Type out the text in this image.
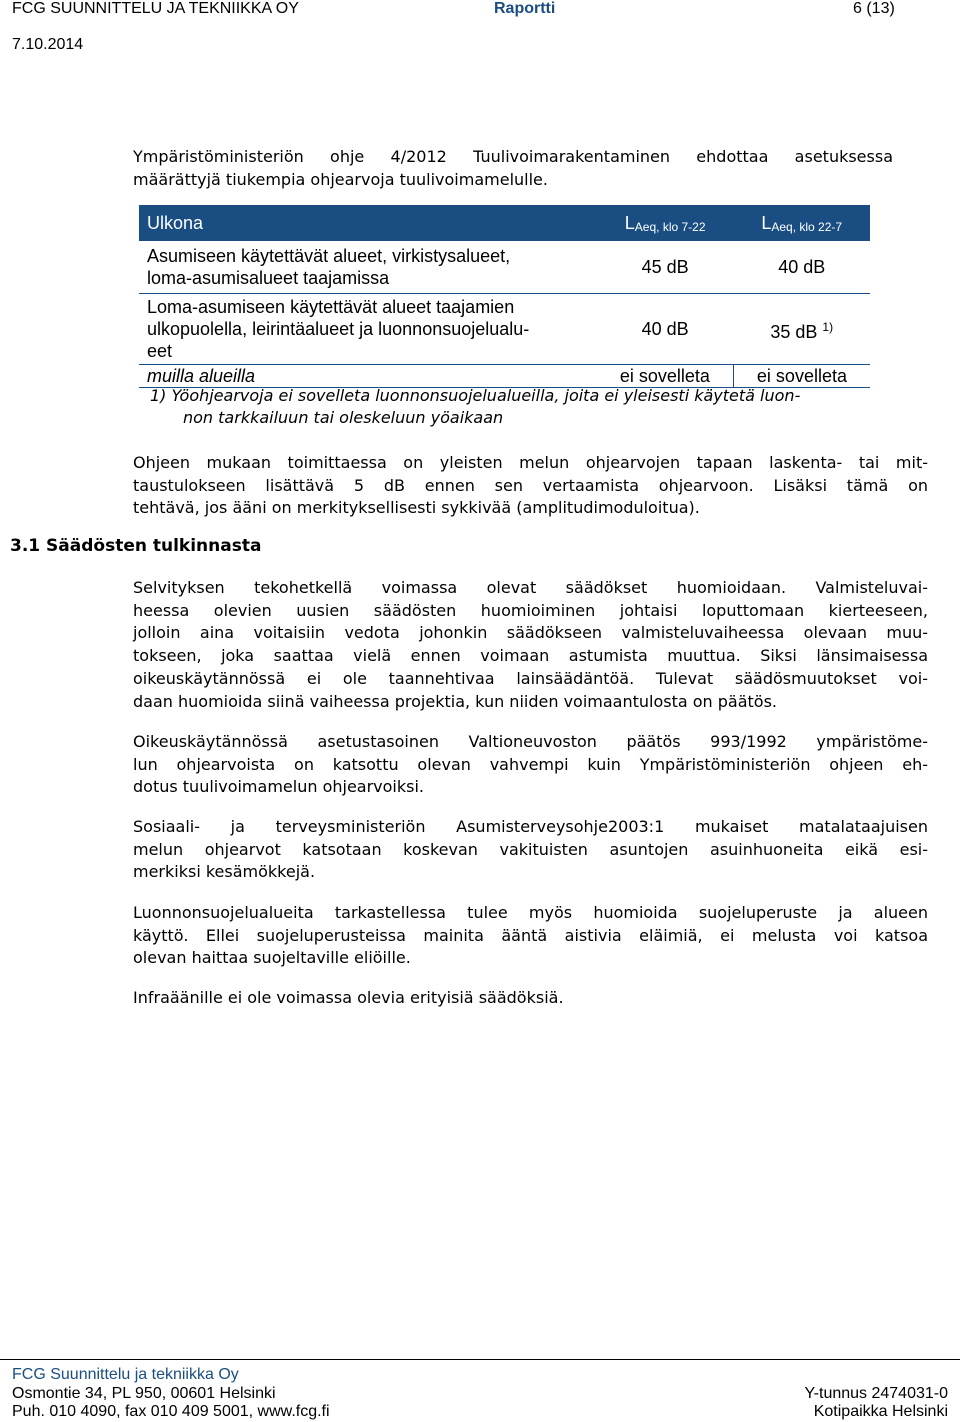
FCG SUUNNITTELU JA TEKNIIKKA OY	Raportti	6 (13)
7.10.2014
Ympäristöministeriön ohje 4/2012 Tuulivoimarakentaminen ehdottaa asetuksessa
määrättyjä tiukempia ohjearvoja tuulivoimamelulle.
Ulkona	$L_{Aeq, klo 7-22}$	$L_{Aeq, klo 22-7}$

Asumiseen käytettävät alueet, virkistysalueet,
loma-asumisalueet taajamissa	45 dB	40 dB

Loma-asumiseen käytettävät alueet taajamien
ulkopuolella, leirintäalueet ja luonnonsuojelualu-
eet	40 dB	35 dB $^{1)}$
muilla alueilla	ei sovelleta	ei sovelleta
1) Yöohjearvoja ei sovelleta luonnonsuojelualueilla, joita ei yleisesti käytetä luon-
non tarkkailuun tai oleskeluun yöaikaan
Ohjeen mukaan toimittaessa on yleisten melun ohjearvojen tapaan laskenta- tai mit-
taustulokseen lisättävä 5 dB ennen sen vertaamista ohjearvoon. Lisäksi tämä on
tehtävä, jos ääni on merkityksellisesti sykkivää (amplitudimoduloitua).
3.1 Säädösten tulkinnasta
Selvityksen tekohetkellä voimassa olevat säädökset huomioidaan. Valmisteluvai-
heessa olevien uusien säädösten huomioiminen johtaisi loputtomaan kierteeseen,
jolloin aina voitaisiin vedota johonkin säädökseen valmisteluvaiheessa olevaan muu-
tokseen, joka saattaa vielä ennen voimaan astumista muuttua. Siksi länsimaisessa
oikeuskäytännössä ei ole taannehtivaa lainsäädäntöä. Tulevat säädösmuutokset voi-
daan huomioida siinä vaiheessa projektia, kun niiden voimaantulosta on päätös.
Oikeuskäytännössä asetustasoinen Valtioneuvoston päätös 993/1992 ympäristöme-
lun ohjearvoista on katsottu olevan vahvempi kuin Ympäristöministeriön ohjeen eh-
dotus tuulivoimamelun ohjearvoiksi.
Sosiaali- ja terveysministeriön Asumisterveysohje2003:1 mukaiset matalataajuisen
melun ohjearvot katsotaan koskevan vakituisten asuntojen asuinhuoneita eikä esi-
merkiksi kesämökkejä.
Luonnonsuojelualueita tarkastellessa tulee myös huomioida suojeluperuste ja alueen
käyttö. Ellei suojeluperusteissa mainita ääntä aistivia eläimiä, ei melusta voi katsoa
olevan haittaa suojeltaville eliöille.
Infraäänille ei ole voimassa olevia erityisiä säädöksiä.
FCG Suunnittelu ja tekniikka Oy
Osmontie 34, PL 950, 00601 Helsinki
Puh. 010 4090, fax 010 409 5001, www.fcg.fi
Y-tunnus 2474031-0
Kotipaikka Helsinki
